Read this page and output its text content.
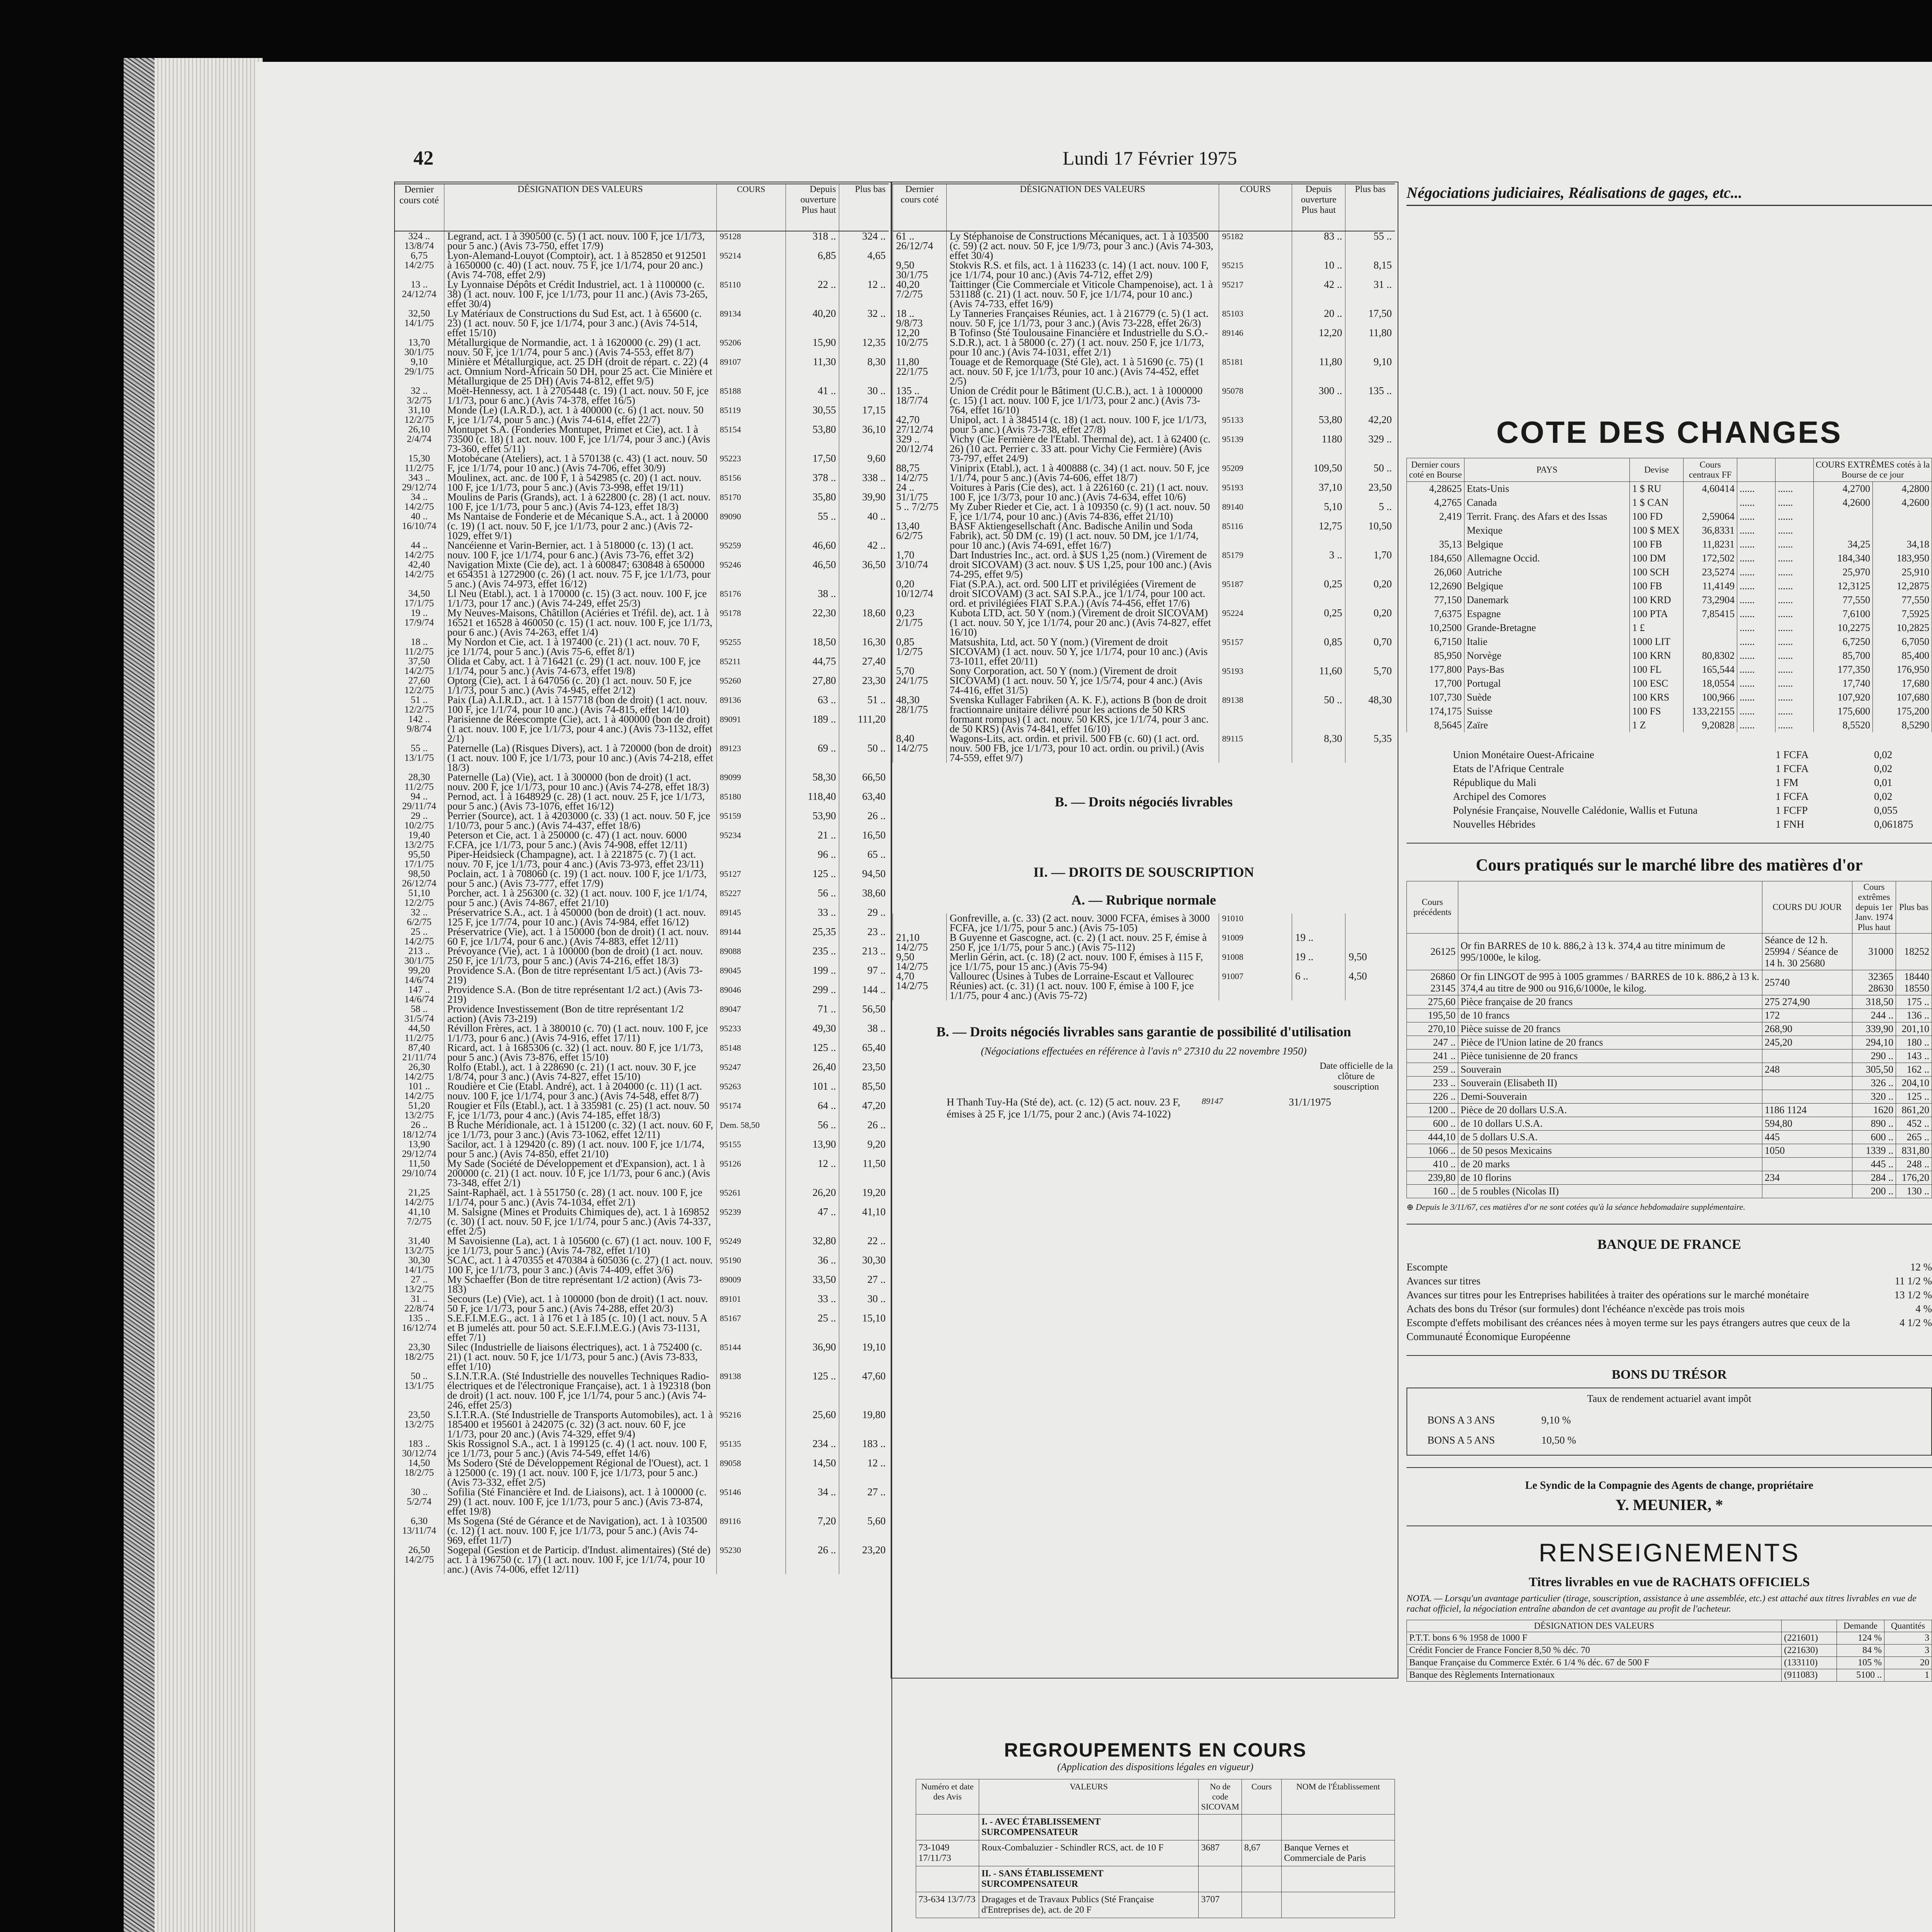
42	Lundi 17 Février 1975
Dernier cours coté	DÉSIGNATION DES VALEURS	COURS	Depuis ouverture Plus haut	Plus bas
324 .. 13/8/74	Legrand, act. 1 à 390500 (c. 5) (1 act. nouv. 100 F, jce 1/1/73, pour 5 anc.) (Avis 73-750, effet 17/9)	95128	318 ..	324 ..
6,75 14/2/75	Lyon-Alemand-Louyot (Comptoir), act. 1 à 852850 et 912501 à 1650000 (c. 40) (1 act. nouv. 75 F, jce 1/1/74, pour 20 anc.) (Avis 74-708, effet 2/9)	95214	6,85	4,65
13 .. 24/12/74	Ly Lyonnaise Dépôts et Crédit Industriel, act. 1 à 1100000 (c. 38) (1 act. nouv. 100 F, jce 1/1/73, pour 11 anc.) (Avis 73-265, effet 30/4)	85110	22 ..	12 ..
32,50 14/1/75	Ly Matériaux de Constructions du Sud Est, act. 1 à 65600 (c. 23) (1 act. nouv. 50 F, jce 1/1/74, pour 3 anc.) (Avis 74-514, effet 15/10)	89134	40,20	32 ..
13,70 30/1/75	Métallurgique de Normandie, act. 1 à 1620000 (c. 29) (1 act. nouv. 50 F, jce 1/1/74, pour 5 anc.) (Avis 74-553, effet 8/7)	95206	15,90	12,35
9,10 29/1/75	Minière et Métallurgique, act. 25 DH (droit de répart. c. 22) (4 act. Omnium Nord-Africain 50 DH, pour 25 act. Cie Minière et Métallurgique de 25 DH) (Avis 74-812, effet 9/5)	89107	11,30	8,30
32 .. 3/2/75	Moët-Hennessy, act. 1 à 2705448 (c. 19) (1 act. nouv. 50 F, jce 1/1/73, pour 6 anc.) (Avis 74-378, effet 16/5)	85188	41 ..	30 ..
31,10 12/2/75	Monde (Le) (I.A.R.D.), act. 1 à 400000 (c. 6) (1 act. nouv. 50 F, jce 1/1/74, pour 5 anc.) (Avis 74-614, effet 22/7)	85119	30,55	17,15
26,10 2/4/74	Montupet S.A. (Fonderies Montupet, Primet et Cie), act. 1 à 73500 (c. 18) (1 act. nouv. 100 F, jce 1/1/74, pour 3 anc.) (Avis 73-360, effet 5/11)	85154	53,80	36,10
15,30 11/2/75	Motobécane (Ateliers), act. 1 à 570138 (c. 43) (1 act. nouv. 50 F, jce 1/1/74, pour 10 anc.) (Avis 74-706, effet 30/9)	95223	17,50	9,60
343 .. 29/12/74	Moulinex, act. anc. de 100 F, 1 à 542985 (c. 20) (1 act. nouv. 100 F, jce 1/1/73, pour 5 anc.) (Avis 73-998, effet 19/11)	85156	378 ..	338 ..
34 .. 14/2/75	Moulins de Paris (Grands), act. 1 à 622800 (c. 28) (1 act. nouv. 100 F, jce 1/1/73, pour 5 anc.) (Avis 74-123, effet 18/3)	85170	35,80	39,90
40 .. 16/10/74	Ms Nantaise de Fonderie et de Mécanique S.A., act. 1 à 20000 (c. 19) (1 act. nouv. 50 F, jce 1/1/73, pour 2 anc.) (Avis 72-1029, effet 9/1)	89090	55 ..	40 ..
44 .. 14/2/75	Nancéienne et Varin-Bernier, act. 1 à 518000 (c. 13) (1 act. nouv. 100 F, jce 1/1/74, pour 6 anc.) (Avis 73-76, effet 3/2)	95259	46,60	42 ..
42,40 14/2/75	Navigation Mixte (Cie de), act. 1 à 600847; 630848 à 650000 et 654351 à 1272900 (c. 26) (1 act. nouv. 75 F, jce 1/1/73, pour 5 anc.) (Avis 74-973, effet 16/12)	95246	46,50	36,50
34,50 17/1/75	Ll Neu (Etabl.), act. 1 à 170000 (c. 15) (3 act. nouv. 100 F, jce 1/1/73, pour 17 anc.) (Avis 74-249, effet 25/3)	85176	38 ..	
19 .. 17/9/74	My Neuves-Maisons, Châtillon (Aciéries et Tréfil. de), act. 1 à 16521 et 16528 à 460050 (c. 15) (1 act. nouv. 100 F, jce 1/1/73, pour 6 anc.) (Avis 74-263, effet 1/4)	95178	22,30	18,60
18 .. 11/2/75	My Nordon et Cie, act. 1 à 197400 (c. 21) (1 act. nouv. 70 F, jce 1/1/74, pour 5 anc.) (Avis 75-6, effet 8/1)	95255	18,50	16,30
37,50 14/2/75	Olida et Caby, act. 1 à 716421 (c. 29) (1 act. nouv. 100 F, jce 1/1/74, pour 5 anc.) (Avis 74-673, effet 19/8)	85211	44,75	27,40
27,60 12/2/75	Optorg (Cie), act. 1 à 647056 (c. 20) (1 act. nouv. 50 F, jce 1/1/73, pour 5 anc.) (Avis 74-945, effet 2/12)	95260	27,80	23,30
51 .. 12/2/75	Paix (La) A.I.R.D., act. 1 à 157718 (bon de droit) (1 act. nouv. 100 F, jce 1/1/74, pour 10 anc.) (Avis 74-815, effet 14/10)	89136	63 ..	51 ..
142 .. 9/8/74	Parisienne de Réescompte (Cie), act. 1 à 400000 (bon de droit) (1 act. nouv. 100 F, jce 1/1/73, pour 4 anc.) (Avis 73-1132, effet 2/1)	89091	189 ..	111,20
55 .. 13/1/75	Paternelle (La) (Risques Divers), act. 1 à 720000 (bon de droit) (1 act. nouv. 100 F, jce 1/1/73, pour 10 anc.) (Avis 74-218, effet 18/3)	89123	69 ..	50 ..
28,30 11/2/75	Paternelle (La) (Vie), act. 1 à 300000 (bon de droit) (1 act. nouv. 200 F, jce 1/1/73, pour 10 anc.) (Avis 74-278, effet 18/3)	89099	58,30	66,50
94 .. 29/11/74	Pernod, act. 1 à 1648929 (c. 28) (1 act. nouv. 25 F, jce 1/1/73, pour 5 anc.) (Avis 73-1076, effet 16/12)	85180	118,40	63,40
29 .. 10/2/75	Perrier (Source), act. 1 à 4203000 (c. 33) (1 act. nouv. 50 F, jce 1/10/73, pour 5 anc.) (Avis 74-437, effet 18/6)	95159	53,90	26 ..
19,40 13/2/75	Peterson et Cie, act. 1 à 250000 (c. 47) (1 act. nouv. 6000 F.CFA, jce 1/1/73, pour 5 anc.) (Avis 74-908, effet 12/11)	95234	21 ..	16,50
95,50 17/1/75	Piper-Heidsieck (Champagne), act. 1 à 221875 (c. 7) (1 act. nouv. 70 F, jce 1/1/73, pour 4 anc.) (Avis 73-973, effet 23/11)		96 ..	65 ..
98,50 26/12/74	Poclain, act. 1 à 708060 (c. 19) (1 act. nouv. 100 F, jce 1/1/73, pour 5 anc.) (Avis 73-777, effet 17/9)	95127	125 ..	94,50
51,10 12/2/75	Porcher, act. 1 à 256300 (c. 32) (1 act. nouv. 100 F, jce 1/1/74, pour 5 anc.) (Avis 74-867, effet 21/10)	85227	56 ..	38,60
32 .. 6/2/75	Préservatrice S.A., act. 1 à 450000 (bon de droit) (1 act. nouv. 125 F, jce 1/7/74, pour 10 anc.) (Avis 74-984, effet 16/12)	89145	33 ..	29 ..
25 .. 14/2/75	Préservatrice (Vie), act. 1 à 150000 (bon de droit) (1 act. nouv. 60 F, jce 1/1/74, pour 6 anc.) (Avis 74-883, effet 12/11)	89144	25,35	23 ..
213 .. 30/1/75	Prévoyance (Vie), act. 1 à 100000 (bon de droit) (1 act. nouv. 250 F, jce 1/1/73, pour 5 anc.) (Avis 74-216, effet 18/3)	89088	235 ..	213 ..
99,20 14/6/74	Providence S.A. (Bon de titre représentant 1/5 act.) (Avis 73-219)	89045	199 ..	97 ..
147 .. 14/6/74	Providence S.A. (Bon de titre représentant 1/2 act.) (Avis 73-219)	89046	299 ..	144 ..
58 .. 31/5/74	Providence Investissement (Bon de titre représentant 1/2 action) (Avis 73-219)	89047	71 ..	56,50
44,50 11/2/75	Révillon Frères, act. 1 à 380010 (c. 70) (1 act. nouv. 100 F, jce 1/1/73, pour 6 anc.) (Avis 74-916, effet 17/11)	95233	49,30	38 ..
87,40 21/11/74	Ricard, act. 1 à 1685306 (c. 32) (1 act. nouv. 80 F, jce 1/1/73, pour 5 anc.) (Avis 73-876, effet 15/10)	85148	125 ..	65,40
26,30 14/2/75	Rolfo (Etabl.), act. 1 à 228690 (c. 21) (1 act. nouv. 30 F, jce 1/8/74, pour 3 anc.) (Avis 74-827, effet 15/10)	95247	26,40	23,50
101 .. 14/2/75	Roudière et Cie (Etabl. André), act. 1 à 204000 (c. 11) (1 act. nouv. 100 F, jce 1/1/74, pour 3 anc.) (Avis 74-548, effet 8/7)	95263	101 ..	85,50
51,20 13/2/75	Rougier et Fils (Etabl.), act. 1 à 335981 (c. 25) (1 act. nouv. 50 F, jce 1/1/73, pour 4 anc.) (Avis 74-185, effet 18/3)	95174	64 ..	47,20
26 .. 18/12/74	B Ruche Méridionale, act. 1 à 151200 (c. 32) (1 act. nouv. 60 F, jce 1/1/73, pour 3 anc.) (Avis 73-1062, effet 12/11)	Dem. 58,50	56 ..	26 ..
13,90 29/12/74	Sacilor, act. 1 à 129420 (c. 89) (1 act. nouv. 100 F, jce 1/1/74, pour 5 anc.) (Avis 74-850, effet 21/10)	95155	13,90	9,20
11,50 29/10/74	My Sade (Société de Développement et d'Expansion), act. 1 à 200000 (c. 21) (1 act. nouv. 10 F, jce 1/1/73, pour 6 anc.) (Avis 73-348, effet 2/1)	95126	12 ..	11,50
21,25 14/2/75	Saint-Raphaël, act. 1 à 551750 (c. 28) (1 act. nouv. 100 F, jce 1/1/74, pour 5 anc.) (Avis 74-1034, effet 2/1)	95261	26,20	19,20
41,10 7/2/75	M. Salsigne (Mines et Produits Chimiques de), act. 1 à 169852 (c. 30) (1 act. nouv. 50 F, jce 1/1/74, pour 5 anc.) (Avis 74-337, effet 2/5)	95239	47 ..	41,10
31,40 13/2/75	M Savoisienne (La), act. 1 à 105600 (c. 67) (1 act. nouv. 100 F, jce 1/1/73, pour 5 anc.) (Avis 74-782, effet 1/10)	95249	32,80	22 ..
30,30 14/1/75	SCAC, act. 1 à 470355 et 470384 à 605036 (c. 27) (1 act. nouv. 100 F, jce 1/1/73, pour 3 anc.) (Avis 74-409, effet 3/6)	95190	36 ..	30,30
27 .. 13/2/75	My Schaeffer (Bon de titre représentant 1/2 action) (Avis 73-183)	89009	33,50	27 ..
31 .. 22/8/74	Secours (Le) (Vie), act. 1 à 100000 (bon de droit) (1 act. nouv. 50 F, jce 1/1/73, pour 5 anc.) (Avis 74-288, effet 20/3)	89101	33 ..	30 ..
135 .. 16/12/74	S.E.F.I.M.E.G., act. 1 à 176 et 1 à 185 (c. 10) (1 act. nouv. 5 A et B jumelés att. pour 50 act. S.E.F.I.M.E.G.) (Avis 73-1131, effet 7/1)	85167	25 ..	15,10
23,30 18/2/75	Silec (Industrielle de liaisons électriques), act. 1 à 752400 (c. 21) (1 act. nouv. 50 F, jce 1/1/73, pour 5 anc.) (Avis 73-833, effet 1/10)	85144	36,90	19,10
50 .. 13/1/75	S.I.N.T.R.A. (Sté Industrielle des nouvelles Techniques Radio-électriques et de l'électronique Française), act. 1 à 192318 (bon de droit) (1 act. nouv. 100 F, jce 1/1/74, pour 5 anc.) (Avis 74-246, effet 25/3)	89138	125 ..	47,60
23,50 13/2/75	S.I.T.R.A. (Sté Industrielle de Transports Automobiles), act. 1 à 185400 et 195601 à 242075 (c. 32) (3 act. nouv. 60 F, jce 1/1/73, pour 20 anc.) (Avis 74-329, effet 9/4)	95216	25,60	19,80
183 .. 30/12/74	Skis Rossignol S.A., act. 1 à 199125 (c. 4) (1 act. nouv. 100 F, jce 1/1/73, pour 5 anc.) (Avis 74-549, effet 14/6)	95135	234 ..	183 ..
14,50 18/2/75	Ms Sodero (Sté de Développement Régional de l'Ouest), act. 1 à 125000 (c. 19) (1 act. nouv. 100 F, jce 1/1/73, pour 5 anc.) (Avis 73-332, effet 2/5)	89058	14,50	12 ..
30 .. 5/2/74	Sofilia (Sté Financière et Ind. de Liaisons), act. 1 à 100000 (c. 29) (1 act. nouv. 100 F, jce 1/1/73, pour 5 anc.) (Avis 73-874, effet 19/8)	95146	34 ..	27 ..
6,30 13/11/74	Ms Sogena (Sté de Gérance et de Navigation), act. 1 à 103500 (c. 12) (1 act. nouv. 100 F, jce 1/1/73, pour 5 anc.) (Avis 74-969, effet 11/7)	89116	7,20	5,60
26,50 14/2/75	Sogepal (Gestion et de Particip. d'Indust. alimentaires) (Sté de) act. 1 à 196750 (c. 17) (1 act. nouv. 100 F, jce 1/1/74, pour 10 anc.) (Avis 74-006, effet 12/11)	95230	26 ..	23,20
Dernier cours coté	DÉSIGNATION DES VALEURS	COURS	Depuis ouverture Plus haut	Plus bas
61 .. 26/12/74	Ly Stéphanoise de Constructions Mécaniques, act. 1 à 103500 (c. 59) (2 act. nouv. 50 F, jce 1/9/73, pour 3 anc.) (Avis 74-303, effet 30/4)	95182	83 ..	55 ..
9,50 30/1/75	Stokvis R.S. et fils, act. 1 à 116233 (c. 14) (1 act. nouv. 100 F, jce 1/1/74, pour 10 anc.) (Avis 74-712, effet 2/9)	95215	10 ..	8,15
40,20 7/2/75	Taittinger (Cie Commerciale et Viticole Champenoise), act. 1 à 531188 (c. 21) (1 act. nouv. 50 F, jce 1/1/74, pour 10 anc.) (Avis 74-733, effet 16/9)	95217	42 ..	31 ..
18 .. 9/8/73	Ly Tanneries Françaises Réunies, act. 1 à 216779 (c. 5) (1 act. nouv. 50 F, jce 1/1/73, pour 3 anc.) (Avis 73-228, effet 26/3)	85103	20 ..	17,50
12,20 10/2/75	B Tofinso (Sté Toulousaine Financière et Industrielle du S.O.-S.D.R.), act. 1 à 58000 (c. 27) (1 act. nouv. 250 F, jce 1/1/73, pour 10 anc.) (Avis 74-1031, effet 2/1)	89146	12,20	11,80
11,80 22/1/75	Touage et de Remorquage (Sté Gle), act. 1 à 51690 (c. 75) (1 act. nouv. 50 F, jce 1/1/73, pour 10 anc.) (Avis 74-452, effet 2/5)	85181	11,80	9,10
135 .. 18/7/74	Union de Crédit pour le Bâtiment (U.C.B.), act. 1 à 1000000 (c. 15) (1 act. nouv. 100 F, jce 1/1/73, pour 2 anc.) (Avis 73-764, effet 16/10)	95078	300 ..	135 ..
42,70 27/12/74	Unipol, act. 1 à 384514 (c. 18) (1 act. nouv. 100 F, jce 1/1/73, pour 5 anc.) (Avis 73-738, effet 27/8)	95133	53,80	42,20
329 .. 20/12/74	Vichy (Cie Fermière de l'Etabl. Thermal de), act. 1 à 62400 (c. 26) (10 act. Perrier c. 33 att. pour Vichy Cie Fermière) (Avis 73-797, effet 24/9)	95139	1180	329 ..
88,75 14/2/75	Viniprix (Etabl.), act. 1 à 400888 (c. 34) (1 act. nouv. 50 F, jce 1/1/74, pour 5 anc.) (Avis 74-606, effet 18/7)	95209	109,50	50 ..
24 .. 31/1/75	Voitures à Paris (Cie des), act. 1 à 226160 (c. 21) (1 act. nouv. 100 F, jce 1/3/73, pour 10 anc.) (Avis 74-634, effet 10/6)	95193	37,10	23,50
5 .. 7/2/75	My Zuber Rieder et Cie, act. 1 à 109350 (c. 9) (1 act. nouv. 50 F, jce 1/1/74, pour 10 anc.) (Avis 74-836, effet 21/10)	89140	5,10	5 ..
13,40 6/2/75	BASF Aktiengesellschaft (Anc. Badische Anilin und Soda Fabrik), act. 50 DM (c. 19) (1 act. nouv. 50 DM, jce 1/1/74, pour 10 anc.) (Avis 74-691, effet 16/7)	85116	12,75	10,50
1,70 3/10/74	Dart Industries Inc., act. ord. à $US 1,25 (nom.) (Virement de droit SICOVAM) (3 act. nouv. $ US 1,25, pour 100 anc.) (Avis 74-295, effet 9/5)	85179	3 ..	1,70
0,20 10/12/74	Fiat (S.P.A.), act. ord. 500 LIT et privilégiées (Virement de droit SICOVAM) (3 act. SAI S.P.A., jce 1/1/74, pour 100 act. ord. et privilégiées FIAT S.P.A.) (Avis 74-456, effet 17/6)	95187	0,25	0,20
0,23 2/1/75	Kubota LTD, act. 50 Y (nom.) (Virement de droit SICOVAM) (1 act. nouv. 50 Y, jce 1/1/74, pour 20 anc.) (Avis 74-827, effet 16/10)	95224	0,25	0,20
0,85 1/2/75	Matsushita, Ltd, act. 50 Y (nom.) (Virement de droit SICOVAM) (1 act. nouv. 50 Y, jce 1/1/74, pour 10 anc.) (Avis 73-1011, effet 20/11)	95157	0,85	0,70
5,70 24/1/75	Sony Corporation, act. 50 Y (nom.) (Virement de droit SICOVAM) (1 act. nouv. 50 Y, jce 1/5/74, pour 4 anc.) (Avis 74-416, effet 31/5)	95193	11,60	5,70
48,30 28/1/75	Svenska Kullager Fabriken (A. K. F.), actions B (bon de droit fractionnaire unitaire délivré pour les actions de 50 KRS formant rompus) (1 act. nouv. 50 KRS, jce 1/1/74, pour 3 anc. de 50 KRS) (Avis 74-841, effet 16/10)	89138	50 ..	48,30
8,40 14/2/75	Wagons-Lits, act. ordin. et privil. 500 FB (c. 60) (1 act. ord. nouv. 500 FB, jce 1/1/73, pour 10 act. ordin. ou privil.) (Avis 74-559, effet 9/7)	89115	8,30	5,35
B. — Droits négociés livrables
II. — DROITS DE SOUSCRIPTION
A. — Rubrique normale
	Gonfreville, a. (c. 33) (2 act. nouv. 3000 FCFA, émises à 3000 FCFA, jce 1/1/75, pour 5 anc.) (Avis 75-105)	91010		
21,10 14/2/75	B Guyenne et Gascogne, act. (c. 2) (1 act. nouv. 25 F, émise à 250 F, jce 1/1/75, pour 5 anc.) (Avis 75-112)	91009	19 ..	
9,50 14/2/75	Merlin Gérin, act. (c. 18) (2 act. nouv. 100 F, émises à 115 F, jce 1/1/75, pour 15 anc.) (Avis 75-94)	91008	19 ..	9,50
4,70 14/2/75	Vallourec (Usines à Tubes de Lorraine-Escaut et Vallourec Réunies) act. (c. 31) (1 act. nouv. 100 F, émise à 100 F, jce 1/1/75, pour 4 anc.) (Avis 75-72)	91007	6 ..	4,50
B. — Droits négociés livrables sans garantie de possibilité d'utilisation
(Négociations effectuées en référence à l'avis n° 27310 du 22 novembre 1950)
Date officielle de la clôture de souscription
H Thanh Tuy-Ha (Sté de), act. (c. 12) (5 act. nouv. 23 F, émises à 25 F, jce 1/1/75, pour 2 anc.) (Avis 74-1022)
89147	31/1/1975
REGROUPEMENTS EN COURS
(Application des dispositions légales en vigueur)
Numéro et date des Avis	VALEURS	No de code SICOVAM	Cours	NOM de l'Établissement
	I. - AVEC ÉTABLISSEMENT SURCOMPENSATEUR			
73-1049 17/11/73	Roux-Combaluzier - Schindler RCS, act. de 10 F	3687	8,67	Banque Vernes et Commerciale de Paris
	II. - SANS ÉTABLISSEMENT SURCOMPENSATEUR			
73-634 13/7/73	Dragages et de Travaux Publics (Sté Française d'Entreprises de), act. de 20 F	3707		
Négociations judiciaires, Réalisations de gages, etc...
COTE DES CHANGES
Dernier cours coté en Bourse	PAYS	Devise	Cours centraux FF			COURS EXTRÊMES cotés à la Bourse de ce jour	
4,28625	Etats-Unis	1 $ RU	4,60414	......	......	4,2700	4,2800
4,2765	Canada	1 $ CAN		......	......	4,2600	4,2600
2,419	Territ. Franç. des Afars et des Issas	100 FD	2,59064	......	......		
	Mexique	100 $ MEX	36,8331	......	......		
35,13	Belgique	100 FB	11,8231	......	......	34,25	34,18
184,650	Allemagne Occid.	100 DM	172,502	......	......	184,340	183,950
26,060	Autriche	100 SCH	23,5274	......	......	25,970	25,910
12,2690	Belgique	100 FB	11,4149	......	......	12,3125	12,2875
77,150	Danemark	100 KRD	73,2904	......	......	77,550	77,550
7,6375	Espagne	100 PTA	7,85415	......	......	7,6100	7,5925
10,2500	Grande-Bretagne	1 £		......	......	10,2275	10,2825
6,7150	Italie	1000 LIT		......	......	6,7250	6,7050
85,950	Norvège	100 KRN	80,8302	......	......	85,700	85,400
177,800	Pays-Bas	100 FL	165,544	......	......	177,350	176,950
17,700	Portugal	100 ESC	18,0554	......	......	17,740	17,680
107,730	Suède	100 KRS	100,966	......	......	107,920	107,680
174,175	Suisse	100 FS	133,22155	......	......	175,600	175,200
8,5645	Zaïre	1 Z	9,20828	......	......	8,5520	8,5290
Union Monétaire Ouest-Africaine	1 FCFA	0,02
Etats de l'Afrique Centrale	1 FCFA	0,02
République du Mali	1 FM	0,01
Archipel des Comores	1 FCFA	0,02
Polynésie Française, Nouvelle Calédonie, Wallis et Futuna	1 FCFP	0,055
Nouvelles Hébrides	1 FNH	0,061875
Cours pratiqués sur le marché libre des matières d'or
Cours précédents		COURS DU JOUR	Cours extrêmes depuis 1er Janv. 1974 Plus haut	Plus bas
26125	Or fin BARRES de 10 k. 886,2 à 13 k. 374,4 au titre minimum de 995/1000e, le kilog.	Séance de 12 h. 25994 / Séance de 14 h. 30 25680	31000	18252
26860 23145	Or fin LINGOT de 995 à 1005 grammes / BARRES de 10 k. 886,2 à 13 k. 374,4 au titre de 900 ou 916,6/1000e, le kilog.	25740	32365 28630	18440 18550
275,60	Pièce française de 20 francs	275 274,90	318,50	175 ..
195,50	de 10 francs	172	244 ..	136 ..
270,10	Pièce suisse de 20 francs	268,90	339,90	201,10
247 ..	Pièce de l'Union latine de 20 francs	245,20	294,10	180 ..
241 ..	Pièce tunisienne de 20 francs		290 ..	143 ..
259 ..	Souverain	248	305,50	162 ..
233 ..	Souverain (Elisabeth II)		326 ..	204,10
226 ..	Demi-Souverain		320 ..	125 ..
1200 ..	Pièce de 20 dollars U.S.A.	1186 1124	1620	861,20
600 ..	de 10 dollars U.S.A.	594,80	890 ..	452 ..
444,10	de 5 dollars U.S.A.	445	600 ..	265 ..
1066 ..	de 50 pesos Mexicains	1050	1339 ..	831,80
410 ..	de 20 marks		445 ..	248 ..
239,80	de 10 florins	234	284 ..	176,20
160 ..	de 5 roubles (Nicolas II)		200 ..	130 ..
⊕ Depuis le 3/11/67, ces matières d'or ne sont cotées qu'à la séance hebdomadaire supplémentaire.
BANQUE DE FRANCE
Escompte	12 %
Avances sur titres	11 1/2 %
Avances sur titres pour les Entreprises habilitées à traiter des opérations sur le marché monétaire	13 1/2 %
Achats des bons du Trésor (sur formules) dont l'échéance n'excède pas trois mois	4 %
Escompte d'effets mobilisant des créances nées à moyen terme sur les pays étrangers autres que ceux de la Communauté Économique Européenne
4 1/2 %
BONS DU TRÉSOR
Taux de rendement actuariel avant impôt
BONS A 3 ANS	9,10 %
BONS A 5 ANS	10,50 %
Le Syndic de la Compagnie des Agents de change, propriétaire
Y. MEUNIER, *
RENSEIGNEMENTS
Titres livrables en vue de RACHATS OFFICIELS
NOTA. — Lorsqu'un avantage particulier (tirage, souscription, assistance à une assemblée, etc.) est attaché aux titres livrables en vue de rachat officiel, la négociation entraîne abandon de cet avantage au profit de l'acheteur.
DÉSIGNATION DES VALEURS		Demande	Quantités
P.T.T. bons 6 % 1958 de 1000 F	(221601)	124 %	3
Crédit Foncier de France Foncier 8,50 % déc. 70	(221630)	84 %	3
Banque Française du Commerce Extér. 6 1/4 % déc. 67 de 500 F	(133110)	105 %	20
Banque des Règlements Internationaux	(911083)	5100 ..	1
